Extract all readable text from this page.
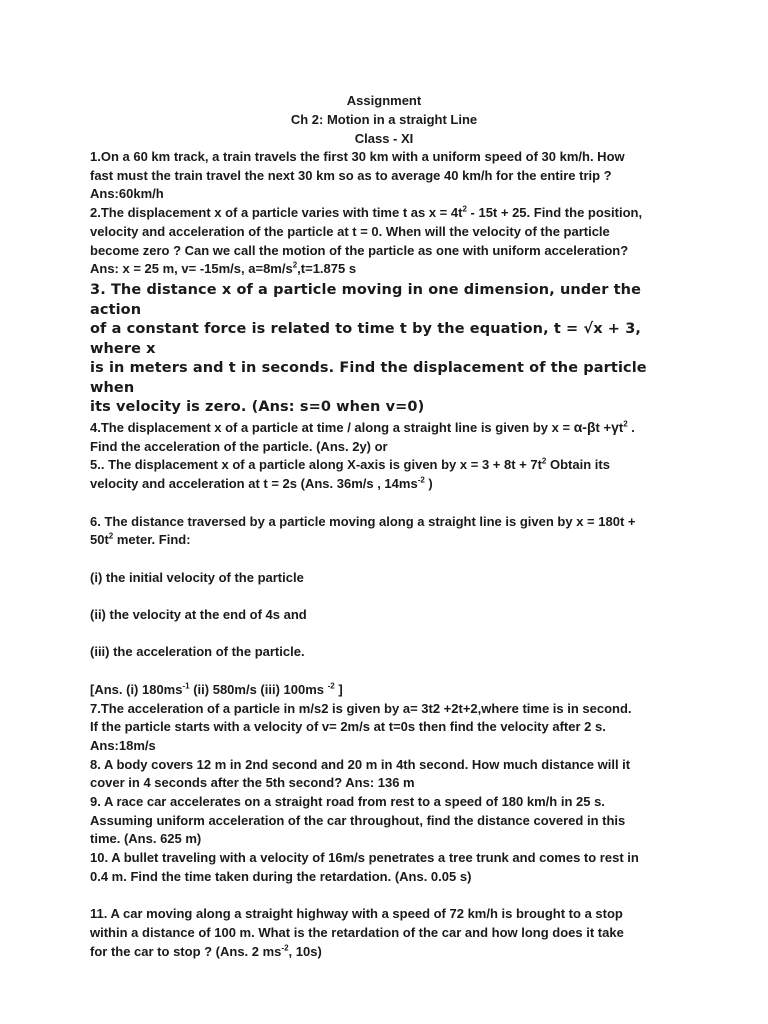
Assignment
Ch 2: Motion in a straight Line
Class - XI
1.On a 60 km track, a train travels the first 30 km with a uniform speed of 30 km/h. How
fast must the train travel the next 30 km so as to average 40 km/h for the entire trip ?
Ans:60km/h
2.The displacement x of a particle varies with time t as $x = 4t^2 - 15t + 25$. Find the position,
velocity and acceleration of the particle at t = 0. When will the velocity of the particle
become zero ? Can we call the motion of the particle as one with uniform acceleration?
Ans: x = 25 m, v= -15m/s, $a=8m/s^2,t=1.875$ s
3. The distance x of a particle moving in one dimension, under the action
of a constant force is related to time t by the equation, t = √x + 3, where x
is in meters and t in seconds. Find the displacement of the particle when
its velocity is zero. (Ans: s=0 when v=0)
4.The displacement x of a particle at time / along a straight line is given by $x = \alpha-\beta t +\gamma t^2$ .
Find the acceleration of the particle. (Ans. 2y) or
5.. The displacement x of a particle along X-axis is given by $x = 3 + 8t + 7t^2$ Obtain its
velocity and acceleration at t = 2s (Ans. 36m/s , $14ms^{-2}$ )
6. The distance traversed by a particle moving along a straight line is given by x = 180t +
$50t^2$ meter. Find:
(i) the initial velocity of the particle
(ii) the velocity at the end of 4s and
(iii) the acceleration of the particle.
[Ans. (i) $180ms^{-1}$ (ii) 580m/s (iii) 100ms $^{-2}$ ]
7.The acceleration of a particle in m/s2 is given by a= 3t2 +2t+2,where time is in second.
If the particle starts with a velocity of v= 2m/s at t=0s then find the velocity after 2 s.
Ans:18m/s
8. A body covers 12 m in 2nd second and 20 m in 4th second. How much distance will it
cover in 4 seconds after the 5th second? Ans: 136 m
9. A race car accelerates on a straight road from rest to a speed of 180 km/h in 25 s.
Assuming uniform acceleration of the car throughout, find the distance covered in this
time. (Ans. 625 m)
10. A bullet traveling with a velocity of 16m/s penetrates a tree trunk and comes to rest in
0.4 m. Find the time taken during the retardation. (Ans. 0.05 s)
11. A car moving along a straight highway with a speed of 72 km/h is brought to a stop
within a distance of 100 m. What is the retardation of the car and how long does it take
for the car to stop ? (Ans. 2 $ms^{-2}$, 10s)
